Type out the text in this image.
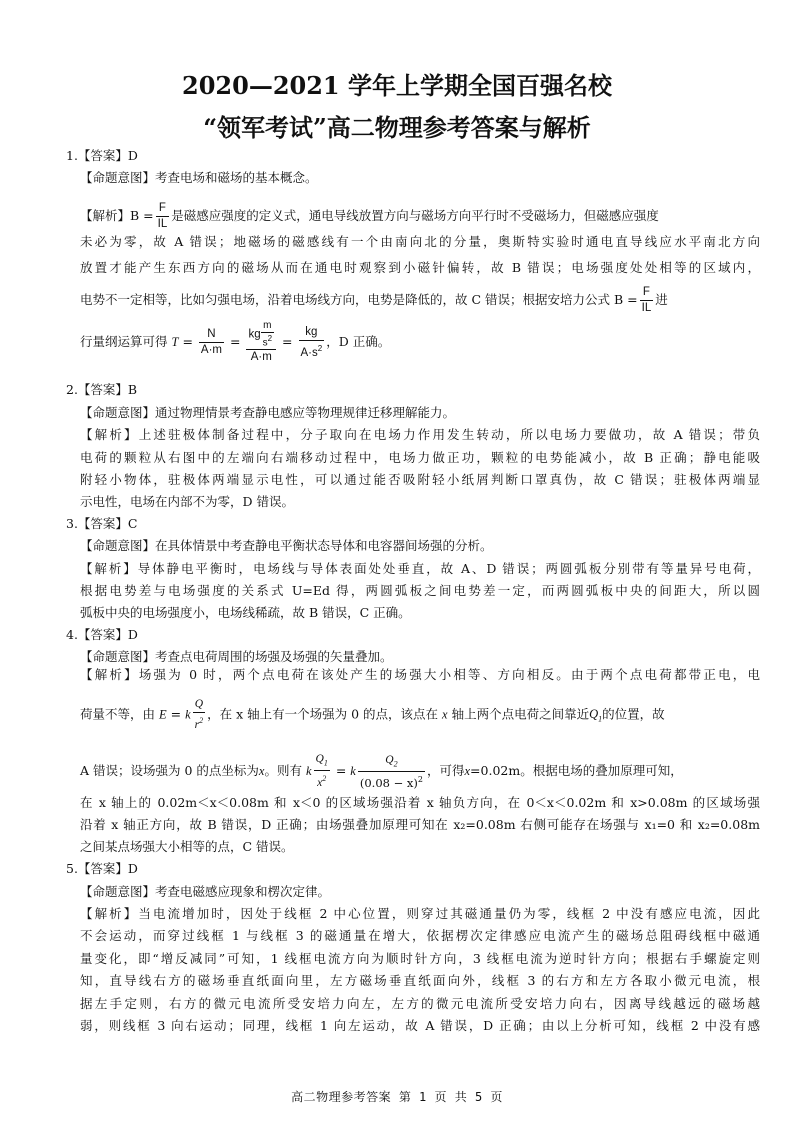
2020—2021 学年上学期全国百强名校
“领军考试”高二物理参考答案与解析
1.【答案】D
【命题意图】考查电场和磁场的基本概念。
【解析】$B = \frac{F}{IL}$ 是磁感应强度的定义式，通电导线放置方向与磁场方向平行时不受磁场力，但磁感应强度
未必为零，故 A 错误；地磁场的磁感线有一个由南向北的分量，奥斯特实验时通电直导线应水平南北方向
放置才能产生东西方向的磁场从而在通电时观察到小磁针偏转，故 B 错误；电场强度处处相等的区域内，
电势不一定相等，比如匀强电场，沿着电场线方向，电势是降低的，故 C 错误；根据安培力公式 $B = \frac{F}{IL}$ 进
行量纲运算可得 $T = \frac{N}{A\cdot m} = \frac{kg \frac{m}{s^2}}{A\cdot m} = \frac{kg}{A\cdot s^2}$ ，D 正确。
2.【答案】B
【命题意图】通过物理情景考查静电感应等物理规律迁移理解能力。
【解析】上述驻极体制备过程中，分子取向在电场力作用发生转动，所以电场力要做功，故 A 错误；带负
电荷的颗粒从右图中的左端向右端移动过程中，电场力做正功，颗粒的电势能减小，故 B 正确；静电能吸
附轻小物体，驻极体两端显示电性，可以通过能否吸附轻小纸屑判断口罩真伪，故 C 错误；驻极体两端显
示电性，电场在内部不为零，D 错误。
3.【答案】C
【命题意图】在具体情景中考查静电平衡状态导体和电容器间场强的分析。
【解析】导体静电平衡时，电场线与导体表面处处垂直，故 A、D 错误；两圆弧板分别带有等量异号电荷，
根据电势差与电场强度的关系式 U=Ed 得，两圆弧板之间电势差一定，而两圆弧板中央的间距大，所以圆
弧板中央的电场强度小，电场线稀疏，故 B 错误，C 正确。
4.【答案】D
【命题意图】考查点电荷周围的场强及场强的矢量叠加。
【解析】场强为 0 时，两个点电荷在该处产生的场强大小相等、方向相反。由于两个点电荷都带正电，电
荷量不等，由 E = k $\frac{Q}{r^2}$ ，在 x 轴上有一个场强为 0 的点，该点在 x 轴上两个点电荷之间靠近$Q_1$的位置，故
A 错误；设场强为 0 的点坐标为x。则有 k $\frac{Q_1}{x^2} = k \frac{Q_2}{(0.08 - x)^2}$ ，可得x=0.02m。根据电场的叠加原理可知，
在 x 轴上的 0.02m＜x＜0.08m 和 x＜0 的区域场强沿着 x 轴负方向，在 0＜x＜0.02m 和 x>0.08m 的区域场强
沿着 x 轴正方向，故 B 错误，D 正确；由场强叠加原理可知在 x₂=0.08m 右侧可能存在场强与 x₁=0 和 x₂=0.08m
之间某点场强大小相等的点，C 错误。
5.【答案】D
【命题意图】考查电磁感应现象和楞次定律。
【解析】当电流增加时，因处于线框 2 中心位置，则穿过其磁通量仍为零，线框 2 中没有感应电流，因此
不会运动，而穿过线框 1 与线框 3 的磁通量在增大，依据楞次定律感应电流产生的磁场总阻碍线框中磁通
量变化，即“增反减同”可知，1 线框电流方向为顺时针方向，3 线框电流为逆时针方向；根据右手螺旋定则
知，直导线右方的磁场垂直纸面向里，左方磁场垂直纸面向外，线框 3 的右方和左方各取小微元电流，根
据左手定则，右方的微元电流所受安培力向左，左方的微元电流所受安培力向右，因离导线越远的磁场越
弱，则线框 3 向右运动；同理，线框 1 向左运动，故 A 错误，D 正确；由以上分析可知，线框 2 中没有感
高二物理参考答案 第 1 页 共 5 页
